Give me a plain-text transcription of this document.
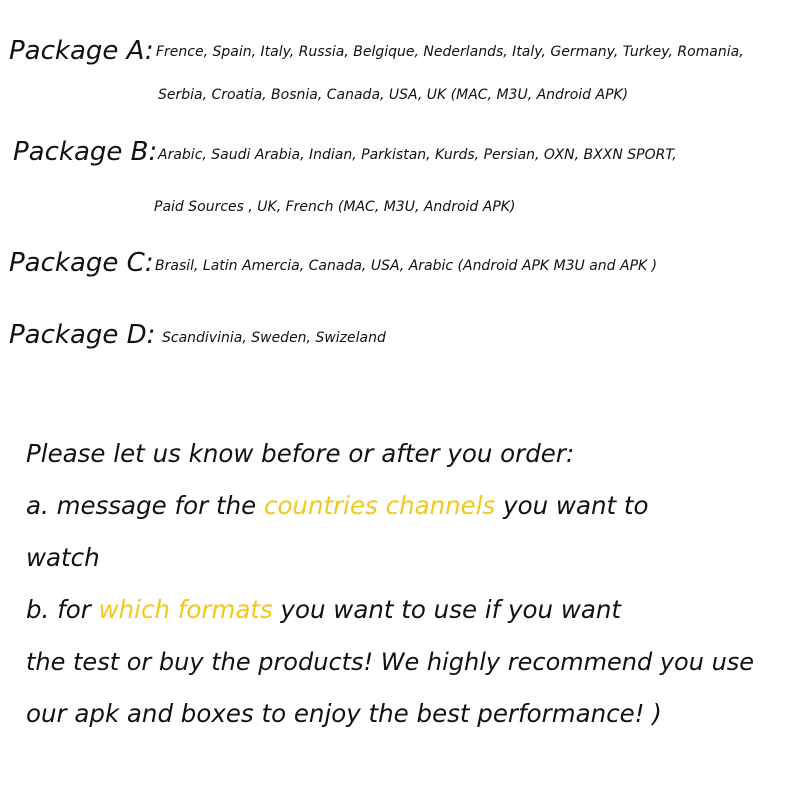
Package A: Frence, Spain, Italy, Russia, Belgique, Nederlands, Italy, Germany, Turkey, Romania,
Serbia, Croatia, Bosnia, Canada, USA, UK (MAC, M3U, Android APK)
Package B: Arabic, Saudi Arabia, Indian, Parkistan, Kurds, Persian, OXN, BXXN SPORT,
Paid Sources , UK, French (MAC, M3U, Android APK)
Package C: Brasil, Latin Amercia, Canada, USA, Arabic (Android APK M3U and APK )
Package D: Scandivinia, Sweden, Swizeland
Please let us know before or after you order:
a. message for the countries channels you want to
watch
b. for which formats you want to use if you want
the test or buy the products! We highly recommend you use
our apk and boxes to enjoy the best performance! )
